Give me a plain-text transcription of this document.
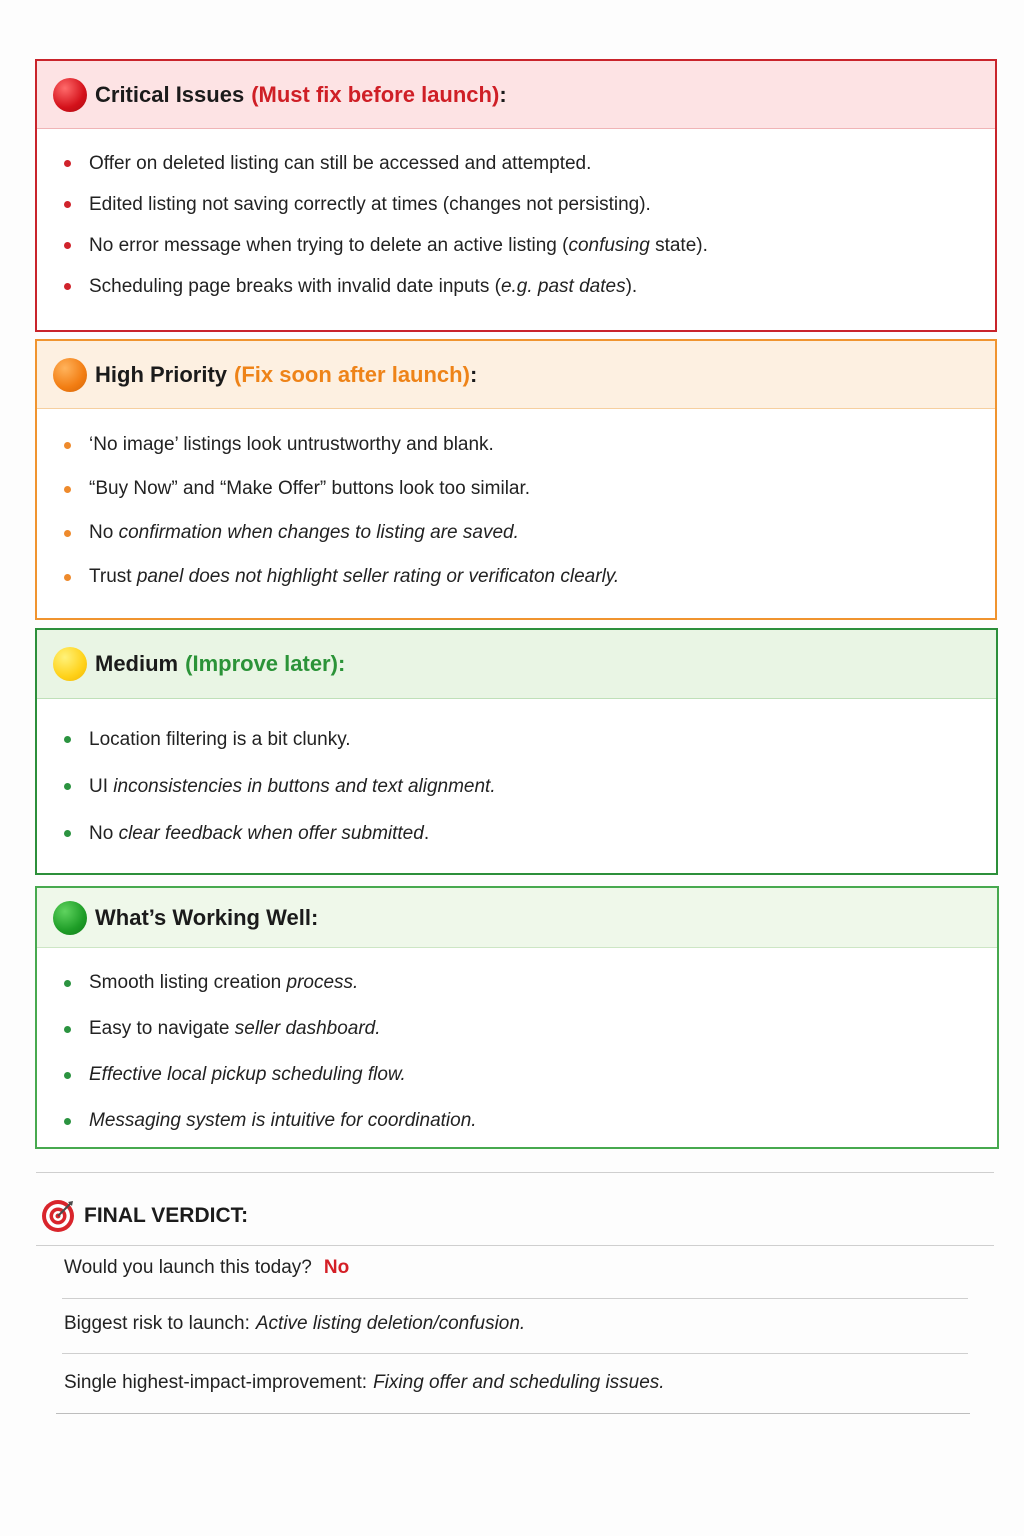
Critical Issues (Must fix before launch) :
Offer on deleted listing can still be accessed and attempted.
Edited listing not saving correctly at times (changes not persisting).
No error message when trying to delete an active listing ( confusing state).
Scheduling page breaks with invalid date inputs ( e.g. past dates ).
High Priority (Fix soon after launch) :
‘No image’ listings look untrustworthy and blank.
“Buy Now” and “Make Offer” buttons look too similar.
No confirmation when changes to listing are saved.
Trust panel does not highlight seller rating or verificaton clearly.
Medium (Improve later):
Location filtering is a bit clunky.
UI inconsistencies in buttons and text alignment.
No clear feedback when offer submitted .
What’s Working Well:
Smooth listing creation process.
Easy to navigate seller dashboard.
Effective local pickup scheduling flow.
Messaging system is intuitive for coordination.
FINAL VERDICT:
Would you launch this today? No
Biggest risk to launch: Active listing deletion/confusion.
Single highest-impact-improvement: Fixing offer and scheduling issues.
